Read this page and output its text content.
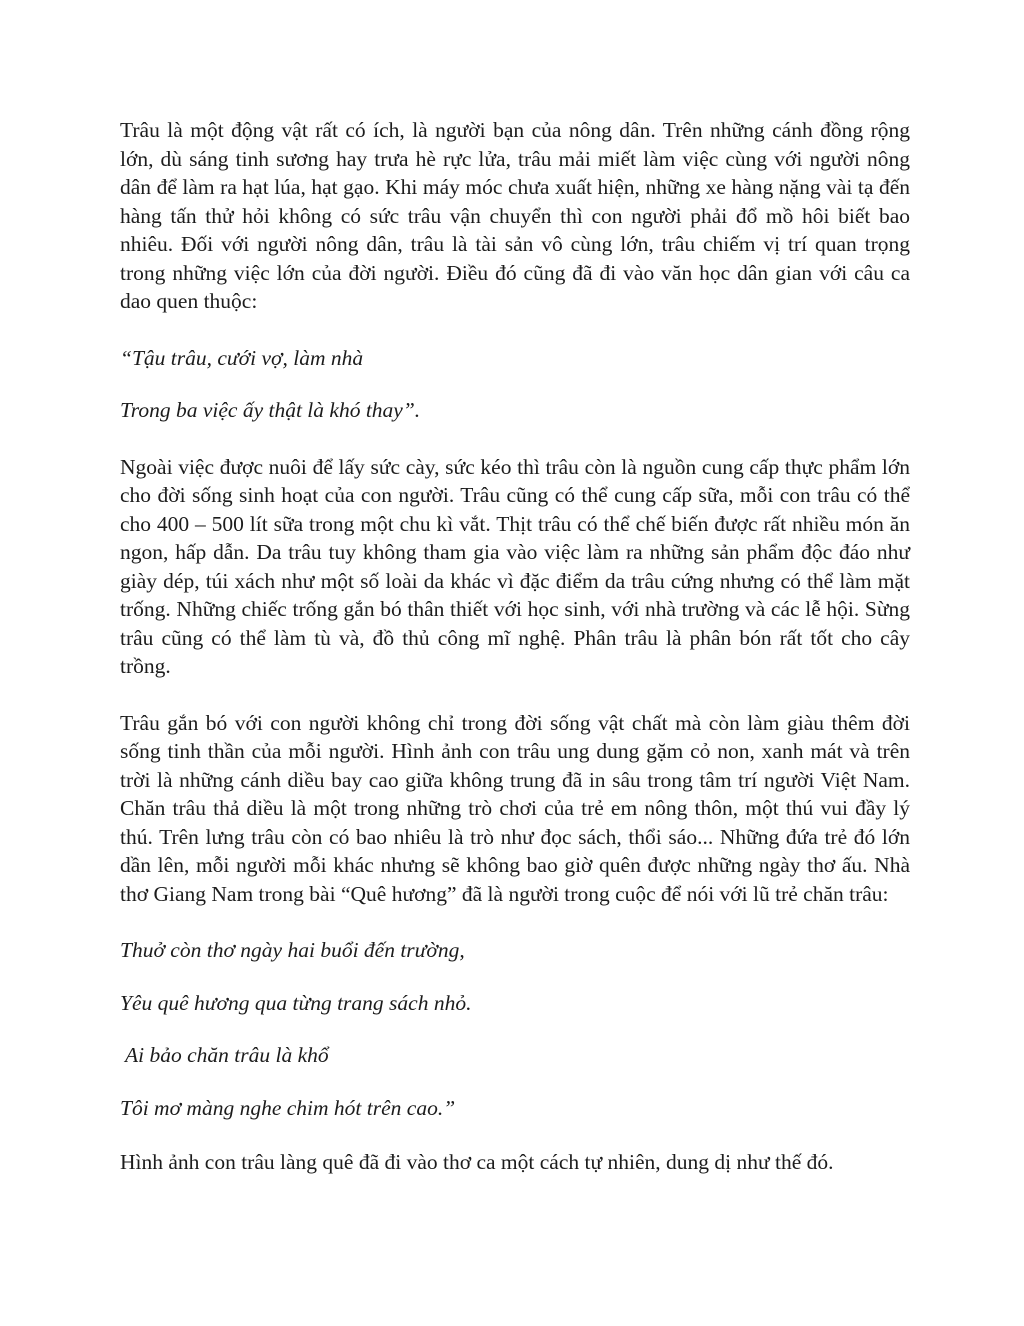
Trâu là một động vật rất có ích, là người bạn của nông dân. Trên những cánh đồng rộng lớn, dù sáng tinh sương hay trưa hè rực lửa, trâu mải miết làm việc cùng với người nông dân để làm ra hạt lúa, hạt gạo. Khi máy móc chưa xuất hiện, những xe hàng nặng vài tạ đến hàng tấn thử hỏi không có sức trâu vận chuyển thì con người phải đổ mồ hôi biết bao nhiêu. Đối với người nông dân, trâu là tài sản vô cùng lớn, trâu chiếm vị trí quan trọng trong những việc lớn của đời người. Điều đó cũng đã đi vào văn học dân gian với câu ca dao quen thuộc:

“Tậu trâu, cưới vợ, làm nhà

Trong ba việc ấy thật là khó thay”.

Ngoài việc được nuôi để lấy sức cày, sức kéo thì trâu còn là nguồn cung cấp thực phẩm lớn cho đời sống sinh hoạt của con người. Trâu cũng có thể cung cấp sữa, mỗi con trâu có thể cho 400 – 500 lít sữa trong một chu kì vắt. Thịt trâu có thể chế biến được rất nhiều món ăn ngon, hấp dẫn. Da trâu tuy không tham gia vào việc làm ra những sản phẩm độc đáo như giày dép, túi xách như một số loài da khác vì đặc điểm da trâu cứng nhưng có thể làm mặt trống. Những chiếc trống gắn bó thân thiết với học sinh, với nhà trường và các lễ hội. Sừng trâu cũng có thể làm tù và, đồ thủ công mĩ nghệ. Phân trâu là phân bón rất tốt cho cây trồng.

Trâu gắn bó với con người không chỉ trong đời sống vật chất mà còn làm giàu thêm đời sống tinh thần của mỗi người. Hình ảnh con trâu ung dung gặm cỏ non, xanh mát và trên trời là những cánh diều bay cao giữa không trung đã in sâu trong tâm trí người Việt Nam. Chăn trâu thả diều là một trong những trò chơi của trẻ em nông thôn, một thú vui đầy lý thú. Trên lưng trâu còn có bao nhiêu là trò như đọc sách, thổi sáo... Những đứa trẻ đó lớn dần lên, mỗi người mỗi khác nhưng sẽ không bao giờ quên được những ngày thơ ấu. Nhà thơ Giang Nam trong bài “Quê hương” đã là người trong cuộc để nói với lũ trẻ chăn trâu:

Thuở còn thơ ngày hai buổi đến trường,

Yêu quê hương qua từng trang sách nhỏ.

Ai bảo chăn trâu là khổ

Tôi mơ màng nghe chim hót trên cao.”

Hình ảnh con trâu làng quê đã đi vào thơ ca một cách tự nhiên, dung dị như thế đó.
